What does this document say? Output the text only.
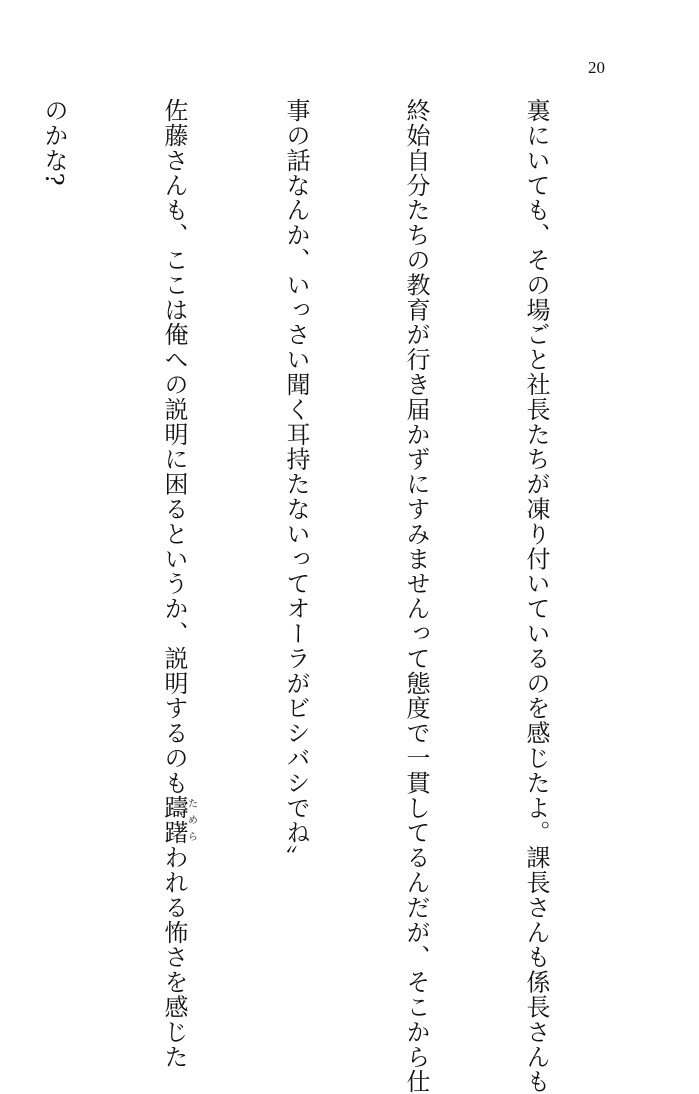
20

裏にいても、その場ごと社長たちが凍り付いているのを感じたよ。課長さんも係長さんも

終始自分たちの教育が行き届かずにすみませんって態度で一貫してるんだが、そこから仕

事の話なんか、いっさい聞く耳持たないってオーラがビシバシでね〟

佐藤さんも、ここは俺への説明に困るというか、説明するのも躊躇ためらわれる怖さを感じた

のかな?
